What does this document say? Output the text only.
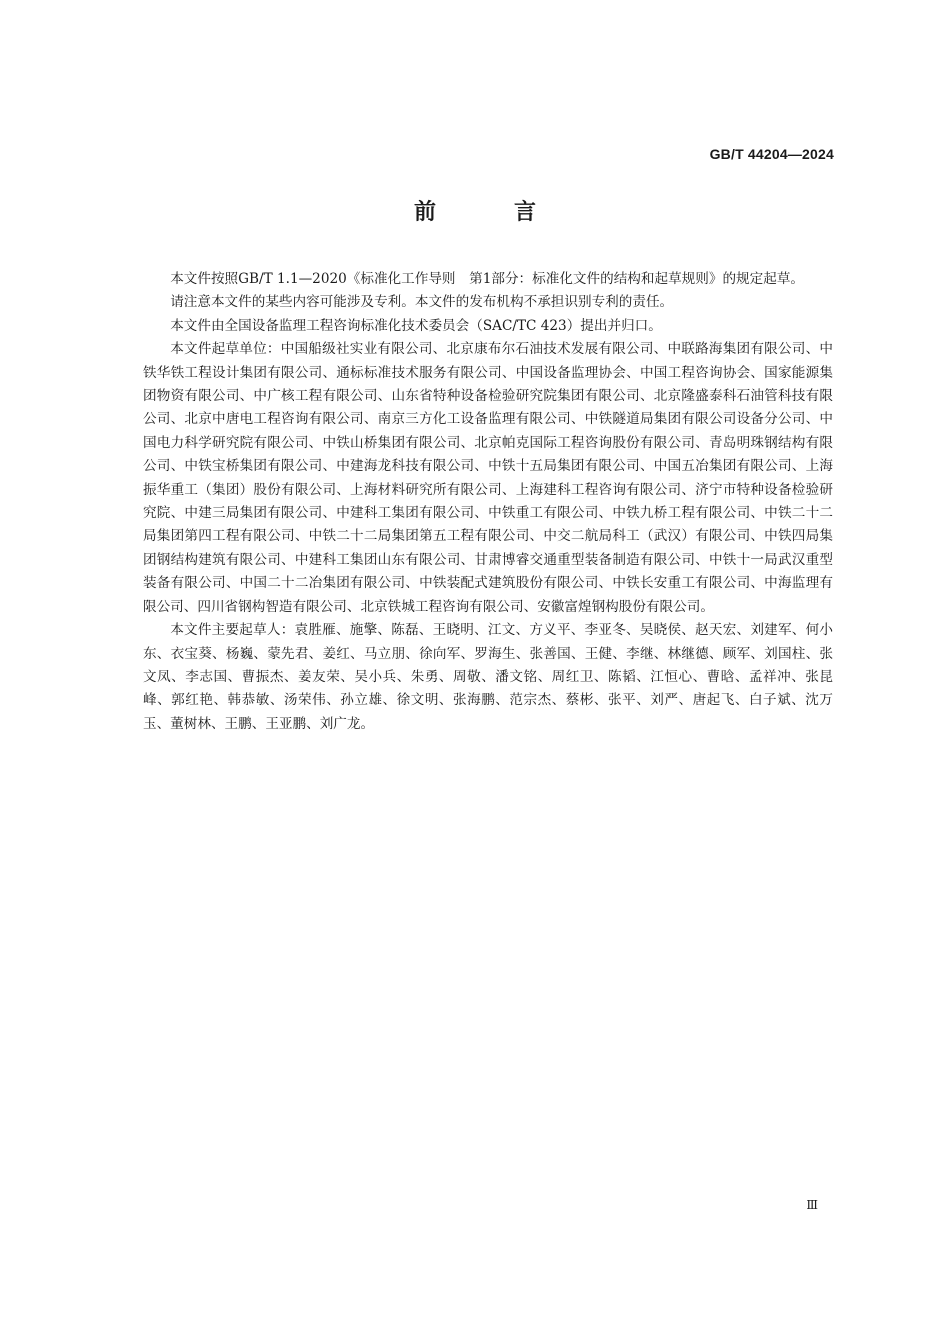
GB/T 44204—2024
前　言

本文件按照GB/T 1.1—2020《标准化工作导则　第1部分：标准化文件的结构和起草规则》的规定起草。

请注意本文件的某些内容可能涉及专利。本文件的发布机构不承担识别专利的责任。

本文件由全国设备监理工程咨询标准化技术委员会（SAC/TC 423）提出并归口。

本文件起草单位：中国船级社实业有限公司、北京康布尔石油技术发展有限公司、中联路海集团有限公司、中铁华铁工程设计集团有限公司、通标标准技术服务有限公司、中国设备监理协会、中国工程咨询协会、国家能源集团物资有限公司、中广核工程有限公司、山东省特种设备检验研究院集团有限公司、北京隆盛泰科石油管科技有限公司、北京中唐电工程咨询有限公司、南京三方化工设备监理有限公司、中铁隧道局集团有限公司设备分公司、中国电力科学研究院有限公司、中铁山桥集团有限公司、北京帕克国际工程咨询股份有限公司、青岛明珠钢结构有限公司、中铁宝桥集团有限公司、中建海龙科技有限公司、中铁十五局集团有限公司、中国五冶集团有限公司、上海振华重工（集团）股份有限公司、上海材料研究所有限公司、上海建科工程咨询有限公司、济宁市特种设备检验研究院、中建三局集团有限公司、中建科工集团有限公司、中铁重工有限公司、中铁九桥工程有限公司、中铁二十二局集团第四工程有限公司、中铁二十二局集团第五工程有限公司、中交二航局科工（武汉）有限公司、中铁四局集团钢结构建筑有限公司、中建科工集团山东有限公司、甘肃博睿交通重型装备制造有限公司、中铁十一局武汉重型装备有限公司、中国二十二冶集团有限公司、中铁装配式建筑股份有限公司、中铁长安重工有限公司、中海监理有限公司、四川省钢构智造有限公司、北京铁城工程咨询有限公司、安徽富煌钢构股份有限公司。

本文件主要起草人：袁胜雁、施擎、陈磊、王晓明、江文、方义平、李亚冬、吴晓侯、赵天宏、刘建军、何小东、衣宝葵、杨巍、蒙先君、姜红、马立朋、徐向军、罗海生、张善国、王健、李继、林继德、顾军、刘国柱、张文凤、李志国、曹振杰、姜友荣、吴小兵、朱勇、周敬、潘文铭、周红卫、陈韬、江恒心、曹晗、孟祥冲、张昆峰、郭红艳、韩恭敏、汤荣伟、孙立雄、徐文明、张海鹏、范宗杰、蔡彬、张平、刘严、唐起飞、白子斌、沈万玉、董树林、王鹏、王亚鹏、刘广龙。

Ⅲ
